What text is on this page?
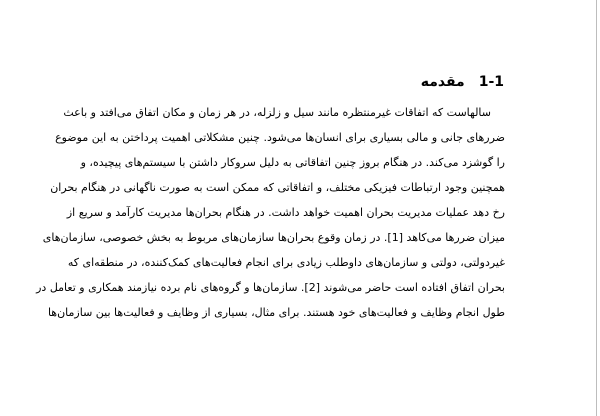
1-1مقدمه
سالهاست که اتفاقات غیرمنتظره مانند سیل و زلزله، در هر زمان و مکان اتفاق می‌افتد و باعث
ضررهای جانی و مالی بسیاری برای انسان‌ها می‌شود. چنین مشکلاتی اهمیت پرداختن به این موضوع
را گوشزد می‌کند. در هنگام بروز چنین اتفاقاتی به دلیل سروکار داشتن با سیستم‌های پیچیده، و
همچنین وجود ارتباطات فیزیکی مختلف، و اتفاقاتی که ممکن است به صورت ناگهانی در هنگام بحران
رخ دهد عملیات مدیریت بحران اهمیت خواهد داشت. در هنگام بحران‌ها مدیریت کارآمد و سریع از
میزان ضررها می‌کاهد [1]. در زمان وقوع بحران‌ها سازمان‌های مربوط به بخش خصوصی، سازمان‌های
غیردولتی، دولتی و سازمان‌های داوطلب زیادی برای انجام فعالیت‌های کمک‌کننده، در منطقه‌ای که
بحران اتفاق افتاده است حاضر می‌شوند [2]. سازمان‌ها و گروه‌های نام برده نیازمند همکاری و تعامل در
طول انجام وظایف و فعالیت‌های خود هستند. برای مثال، بسیاری از وظایف و فعالیت‌ها بین سازمان‌ها
